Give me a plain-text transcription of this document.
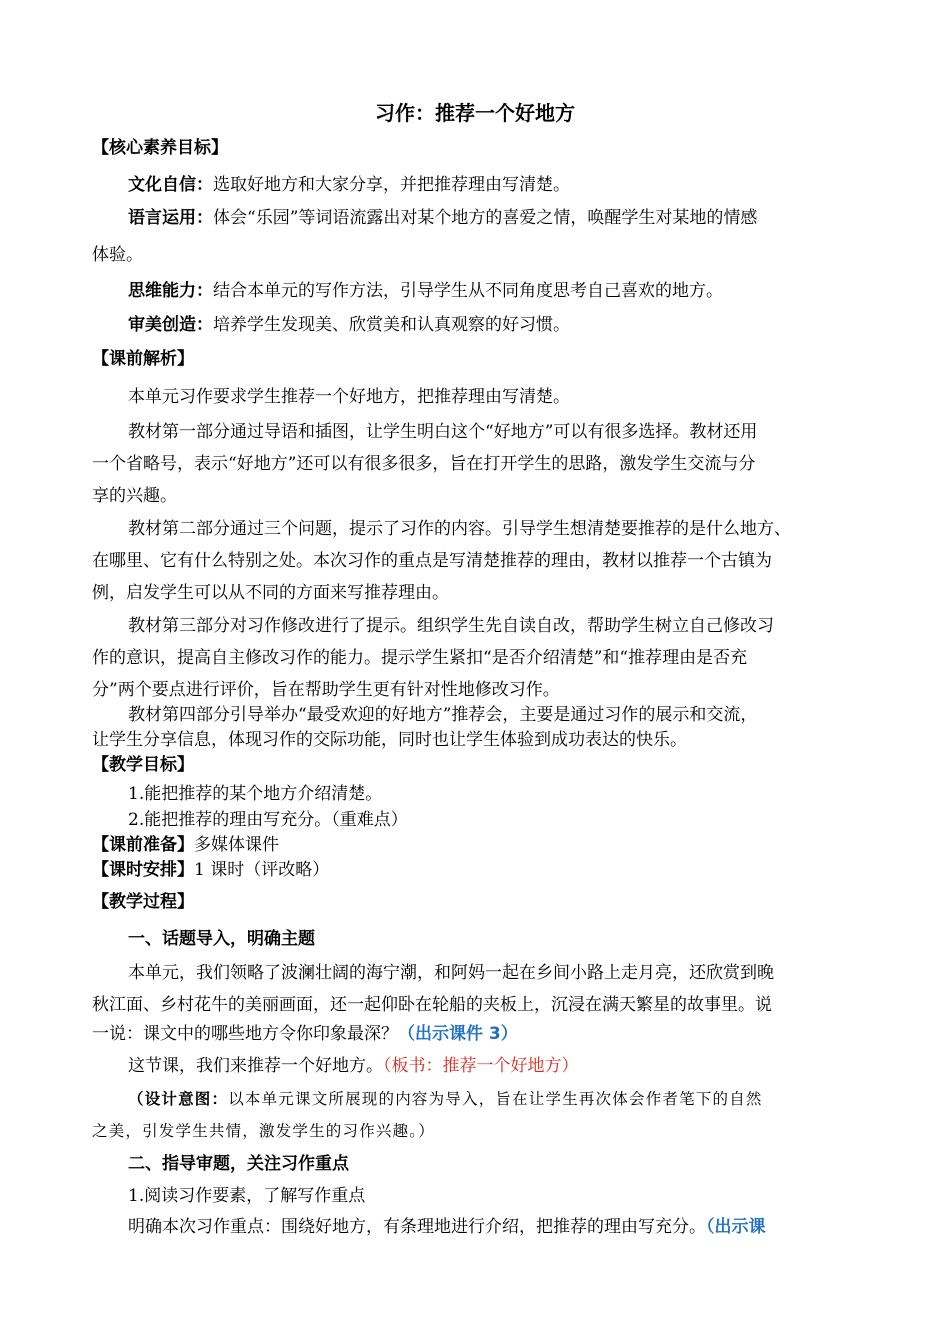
习作：推荐一个好地方
【核心素养目标】
文化自信：选取好地方和大家分享，并把推荐理由写清楚。
语言运用：体会“乐园”等词语流露出对某个地方的喜爱之情，唤醒学生对某地的情感
体验。
思维能力：结合本单元的写作方法，引导学生从不同角度思考自己喜欢的地方。
审美创造：培养学生发现美、欣赏美和认真观察的好习惯。
【课前解析】
本单元习作要求学生推荐一个好地方，把推荐理由写清楚。
教材第一部分通过导语和插图，让学生明白这个“好地方”可以有很多选择。教材还用
一个省略号，表示“好地方”还可以有很多很多，旨在打开学生的思路，激发学生交流与分
享的兴趣。
教材第二部分通过三个问题，提示了习作的内容。引导学生想清楚要推荐的是什么地方、
在哪里、它有什么特别之处。本次习作的重点是写清楚推荐的理由，教材以推荐一个古镇为
例，启发学生可以从不同的方面来写推荐理由。
教材第三部分对习作修改进行了提示。组织学生先自读自改，帮助学生树立自己修改习
作的意识，提高自主修改习作的能力。提示学生紧扣“是否介绍清楚”和“推荐理由是否充
分”两个要点进行评价，旨在帮助学生更有针对性地修改习作。
教材第四部分引导举办“最受欢迎的好地方”推荐会，主要是通过习作的展示和交流，
让学生分享信息，体现习作的交际功能，同时也让学生体验到成功表达的快乐。
【教学目标】
1.能把推荐的某个地方介绍清楚。
2.能把推荐的理由写充分。（重难点）
【课前准备】多媒体课件
【课时安排】1 课时（评改略）
【教学过程】
一、话题导入，明确主题
本单元，我们领略了波澜壮阔的海宁潮，和阿妈一起在乡间小路上走月亮，还欣赏到晚
秋江面、乡村花牛的美丽画面，还一起仰卧在轮船的夹板上，沉浸在满天繁星的故事里。说
一说：课文中的哪些地方令你印象最深？（出示课件 3）
这节课，我们来推荐一个好地方。（板书：推荐一个好地方）
（设计意图：以本单元课文所展现的内容为导入，旨在让学生再次体会作者笔下的自然
之美，引发学生共情，激发学生的习作兴趣。）
二、指导审题，关注习作重点
1.阅读习作要素，了解写作重点
明确本次习作重点：围绕好地方，有条理地进行介绍，把推荐的理由写充分。（出示课
